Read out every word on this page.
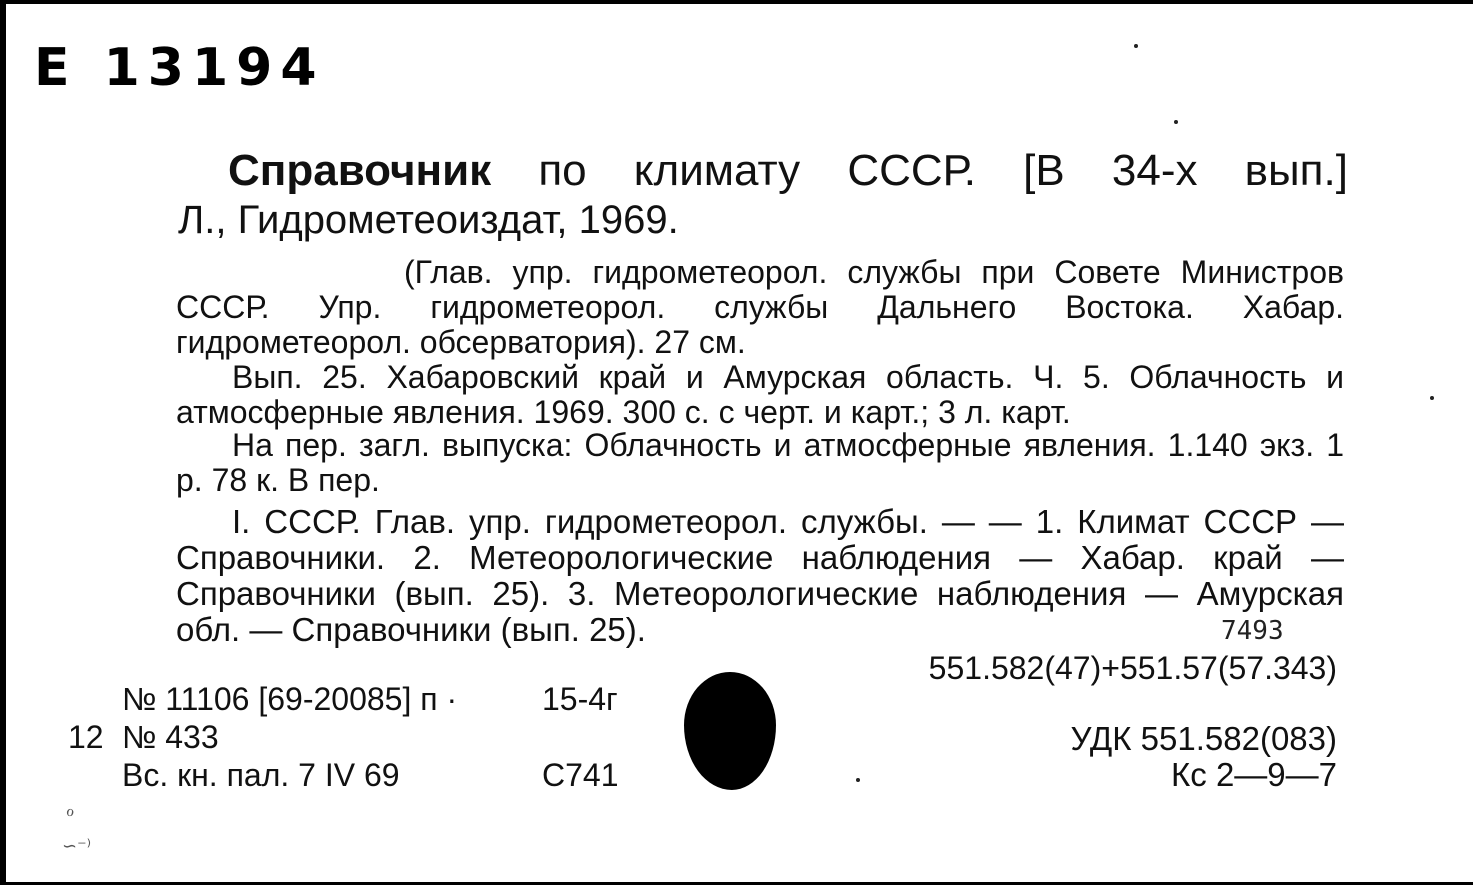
Е 13194
Справочник по климату СССР. [В 34-х вып.]
Л., Гидрометеоиздат, 1969.
(Глав. упр. гидрометеорол. службы при Совете Министров СССР. Упр. гидрометеорол. службы Дальнего Востока. Хабар. гидрометеорол. обсерватория). 27 см.
Вып. 25. Хабаровский край и Амурская область. Ч. 5. Облачность и атмосферные явления. 1969. 300 с. с черт. и карт.; 3 л. карт.
На пер. загл. выпуска: Облачность и атмосферные явления. 1.140 экз. 1 р. 78 к. В пер.
I. СССР. Глав. упр. гидрометеорол. службы. — — 1. Климат СССР — Справочники. 2. Метеорологические наблюдения — Хабар. край — Справочники (вып. 25). 3. Метеорологические наблюдения — Амурская обл. — Справочники (вып. 25).	7493
551.582(47)+551.57(57.343)
№ 11106 [69-20085] п ·	15-4г
12 № 433
Вс. кн. пал. 7 IV 69	С741
УДК 551.582(083)
Кс 2—9—7
ℴ
∽⁻⁾
